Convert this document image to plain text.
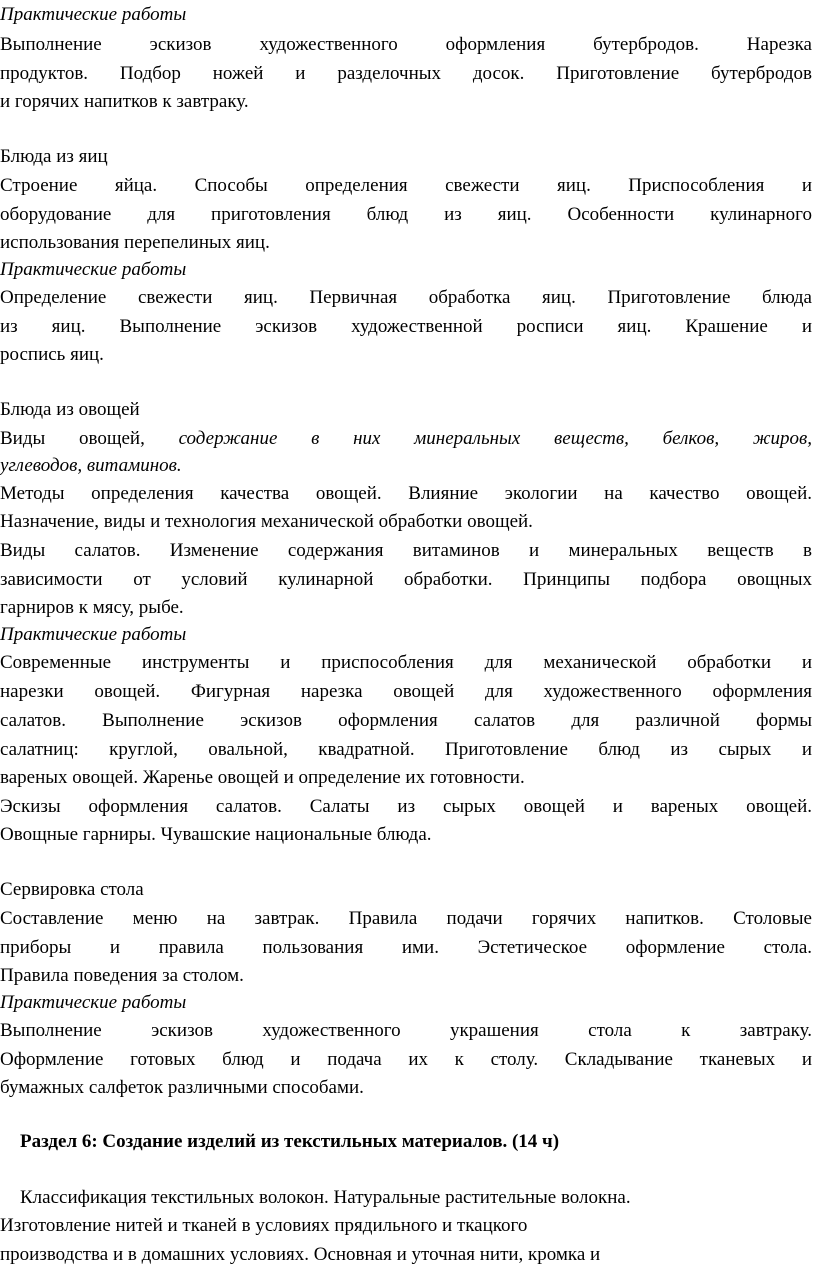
Практические работы
Выполнение эскизов художественного оформления бутербродов. Нарезка
продуктов. Подбор ножей и разделочных досок. Приготовление бутербродов
и горячих напитков к завтраку.
Блюда из яиц
Строение яйца. Способы определения свежести яиц. Приспособления и
оборудование для приготовления блюд из яиц. Особенности кулинарного
использования перепелиных яиц.
Практические работы
Определение свежести яиц. Первичная обработка яиц. Приготовление блюда
из яиц. Выполнение эскизов художественной росписи яиц. Крашение и
роспись яиц.
Блюда из овощей
Виды овощей, содержание в них минеральных веществ, белков, жиров,
углеводов, витаминов.
Методы определения качества овощей. Влияние экологии на качество овощей.
Назначение, виды и технология механической обработки овощей.
Виды салатов. Изменение содержания витаминов и минеральных веществ в
зависимости от условий кулинарной обработки. Принципы подбора овощных
гарниров к мясу, рыбе.
Практические работы
Современные инструменты и приспособления для механической обработки и
нарезки овощей. Фигурная нарезка овощей для художественного оформления
салатов. Выполнение эскизов оформления салатов для различной формы
салатниц: круглой, овальной, квадратной. Приготовление блюд из сырых и
вареных овощей. Жаренье овощей и определение их готовности.
Эскизы оформления салатов. Салаты из сырых овощей и вареных овощей.
Овощные гарниры. Чувашские национальные блюда.
Сервировка стола
Составление меню на завтрак. Правила подачи горячих напитков. Столовые
приборы и правила пользования ими. Эстетическое оформление стола.
Правила поведения за столом.
Практические работы
Выполнение эскизов художественного украшения стола к завтраку.
Оформление готовых блюд и подача их к столу. Складывание тканевых и
бумажных салфеток различными способами.
Раздел 6: Создание изделий из текстильных материалов. (14 ч)
Классификация текстильных волокон. Натуральные растительные волокна.
Изготовление нитей и тканей в условиях прядильного и ткацкого
производства и в домашних условиях. Основная и уточная нити, кромка и
